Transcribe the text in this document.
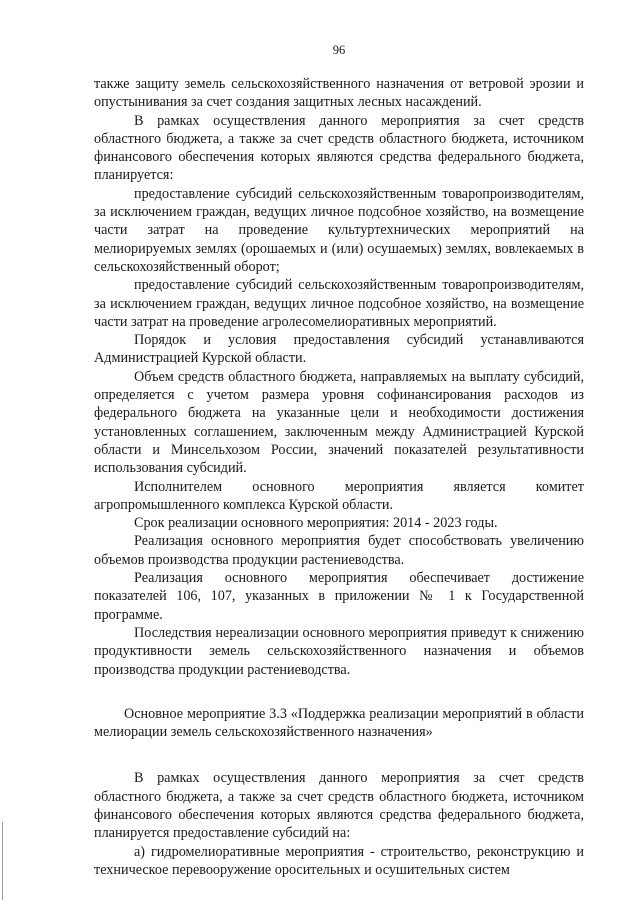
96

также защиту земель сельскохозяйственного назначения от ветровой эрозии и опустынивания за счет создания защитных лесных насаждений.

В рамках осуществления данного мероприятия за счет средств областного бюджета, а также за счет средств областного бюджета, источником финансового обеспечения которых являются средства федерального бюджета, планируется:

предоставление субсидий сельскохозяйственным товаропроизводителям, за исключением граждан, ведущих личное подсобное хозяйство, на возмещение части затрат на проведение культуртехнических мероприятий на мелиорируемых землях (орошаемых и (или) осушаемых) землях, вовлекаемых в сельскохозяйственный оборот;

предоставление субсидий сельскохозяйственным товаропроизводителям, за исключением граждан, ведущих личное подсобное хозяйство, на возмещение части затрат на проведение агролесомелиоративных мероприятий.

Порядок и условия предоставления субсидий устанавливаются Администрацией Курской области.

Объем средств областного бюджета, направляемых на выплату субсидий, определяется с учетом размера уровня софинансирования расходов из федерального бюджета на указанные цели и необходимости достижения установленных соглашением, заключенным между Администрацией Курской области и Минсельхозом России, значений показателей результативности использования субсидий.

Исполнителем основного мероприятия является комитет агропромышленного комплекса Курской области.

Срок реализации основного мероприятия: 2014 - 2023 годы.

Реализация основного мероприятия будет способствовать увеличению объемов производства продукции растениеводства.

Реализация основного мероприятия обеспечивает достижение показателей 106, 107, указанных в приложении № 1 к Государственной программе.

Последствия нереализации основного мероприятия приведут к снижению продуктивности земель сельскохозяйственного назначения и объемов производства продукции растениеводства.

Основное мероприятие 3.3 «Поддержка реализации мероприятий в области мелиорации земель сельскохозяйственного назначения»

В рамках осуществления данного мероприятия за счет средств областного бюджета, а также за счет средств областного бюджета, источником финансового обеспечения которых являются средства федерального бюджета, планируется предоставление субсидий на:

а) гидромелиоративные мероприятия - строительство, реконструкцию и техническое перевооружение оросительных и осушительных систем
